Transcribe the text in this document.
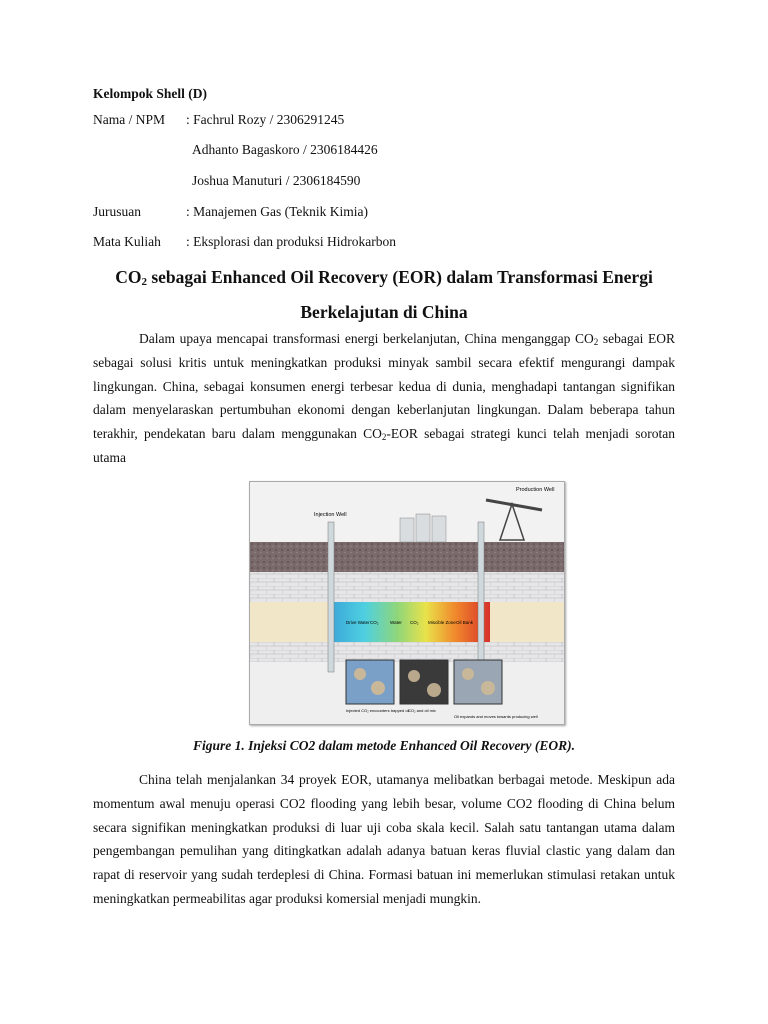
Kelompok Shell (D)
Nama / NPM : Fachrul Rozy / 2306291245
Adhanto Bagaskoro / 2306184426
Joshua Manuturi / 2306184590
Jurusuan	: Manajemen Gas (Teknik Kimia)
Mata Kuliah : Eksplorasi dan produksi Hidrokarbon
$CO_2$ sebagai Enhanced Oil Recovery (EOR) dalam Transformasi Energi Berkelajutan di China

Dalam upaya mencapai transformasi energi berkelanjutan, China menganggap $CO_2$ sebagai EOR sebagai solusi kritis untuk meningkatkan produksi minyak sambil secara efektif mengurangi dampak lingkungan. China, sebagai konsumen energi terbesar kedua di dunia, menghadapi tantangan signifikan dalam menyelaraskan pertumbuhan ekonomi dengan keberlanjutan lingkungan. Dalam beberapa tahun terakhir, pendekatan baru dalam menggunakan $CO_2$-EOR sebagai strategi kunci telah menjadi sorotan utama

Production Well
Injection Well
Drive Water CO₂	Water CO₂ Miscible Zone Oil Bank
Injected CO₂ encounters trapped oil
CO₂ and oil mix
Oil expands and moves towards producing well
Figure 1. Injeksi CO2 dalam metode Enhanced Oil Recovery (EOR).

China telah menjalankan 34 proyek EOR, utamanya melibatkan berbagai metode. Meskipun ada momentum awal menuju operasi CO2 flooding yang lebih besar, volume CO2 flooding di China belum secara signifikan meningkatkan produksi di luar uji coba skala kecil. Salah satu tantangan utama dalam pengembangan pemulihan yang ditingkatkan adalah adanya batuan keras fluvial clastic yang dalam dan rapat di reservoir yang sudah terdeplesi di China. Formasi batuan ini memerlukan stimulasi retakan untuk meningkatkan permeabilitas agar produksi komersial menjadi mungkin.
